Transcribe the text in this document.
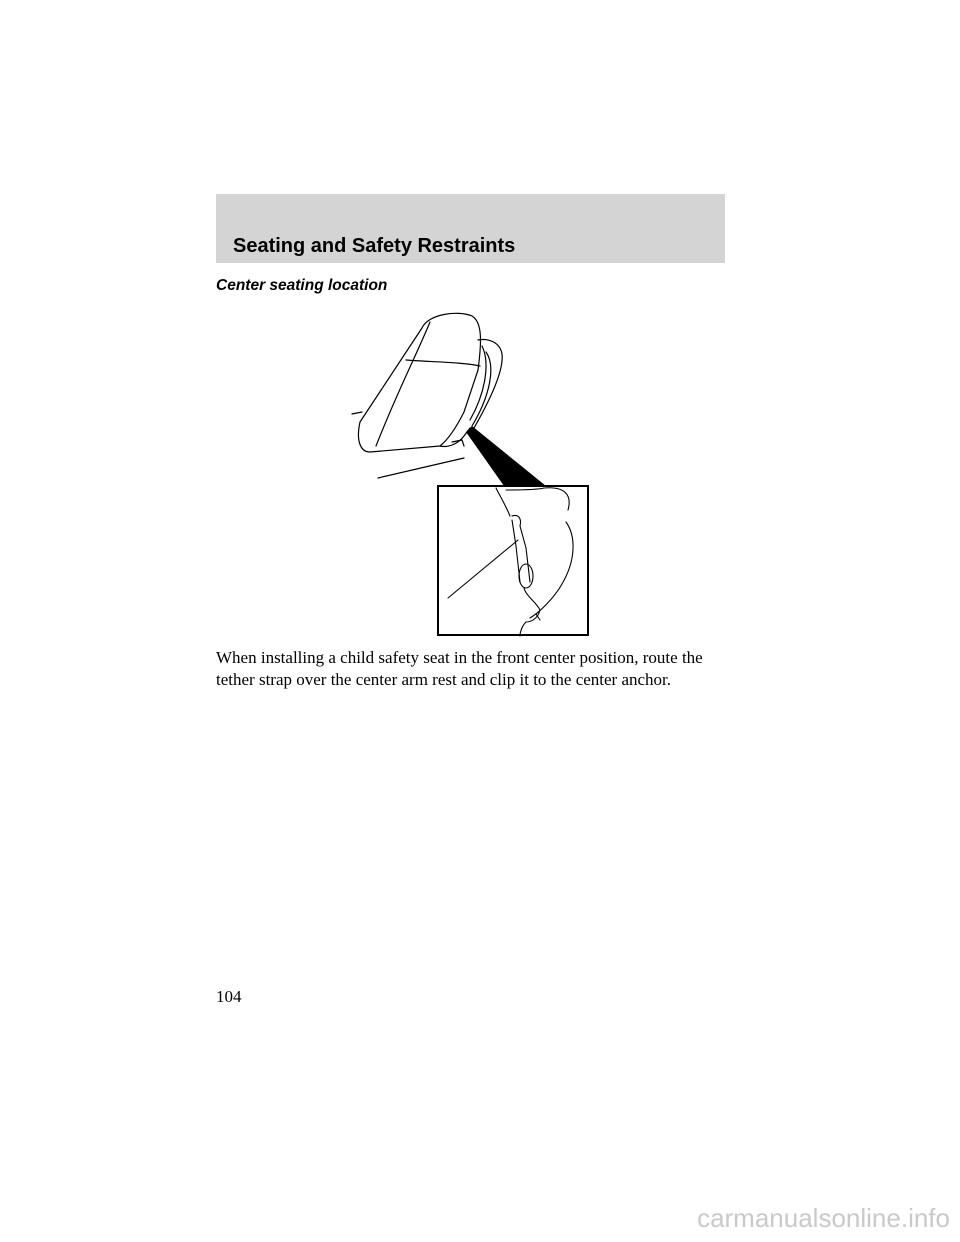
Seating and Safety Restraints
Center seating location

When installing a child safety seat in the front center position, route the tether strap over the center arm rest and clip it to the center anchor.

104

carmanualsonline.info
